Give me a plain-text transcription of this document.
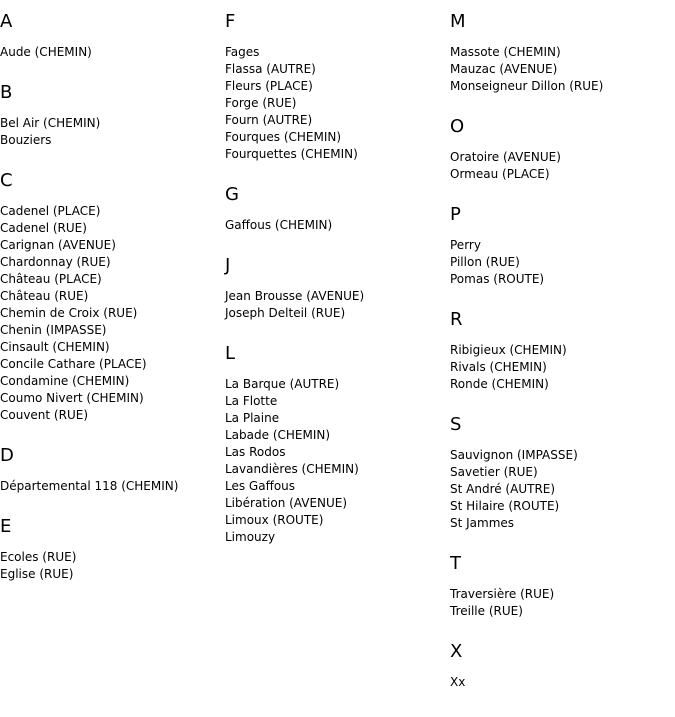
A
Aude (CHEMIN)
B
Bel Air (CHEMIN)
Bouziers
C
Cadenel (PLACE)
Cadenel (RUE)
Carignan (AVENUE)
Chardonnay (RUE)
Château (PLACE)
Château (RUE)
Chemin de Croix (RUE)
Chenin (IMPASSE)
Cinsault (CHEMIN)
Concile Cathare (PLACE)
Condamine (CHEMIN)
Coumo Nivert (CHEMIN)
Couvent (RUE)
D
Départemental 118 (CHEMIN)
E
Ecoles (RUE)
Eglise (RUE)
F
Fages
Flassa (AUTRE)
Fleurs (PLACE)
Forge (RUE)
Fourn (AUTRE)
Fourques (CHEMIN)
Fourquettes (CHEMIN)
G
Gaffous (CHEMIN)
J
Jean Brousse (AVENUE)
Joseph Delteil (RUE)
L
La Barque (AUTRE)
La Flotte
La Plaine
Labade (CHEMIN)
Las Rodos
Lavandières (CHEMIN)
Les Gaffous
Libération (AVENUE)
Limoux (ROUTE)
Limouzy
M
Massote (CHEMIN)
Mauzac (AVENUE)
Monseigneur Dillon (RUE)
O
Oratoire (AVENUE)
Ormeau (PLACE)
P
Perry
Pillon (RUE)
Pomas (ROUTE)
R
Ribigieux (CHEMIN)
Rivals (CHEMIN)
Ronde (CHEMIN)
S
Sauvignon (IMPASSE)
Savetier (RUE)
St André (AUTRE)
St Hilaire (ROUTE)
St Jammes
T
Traversière (RUE)
Treille (RUE)
X
Xx
